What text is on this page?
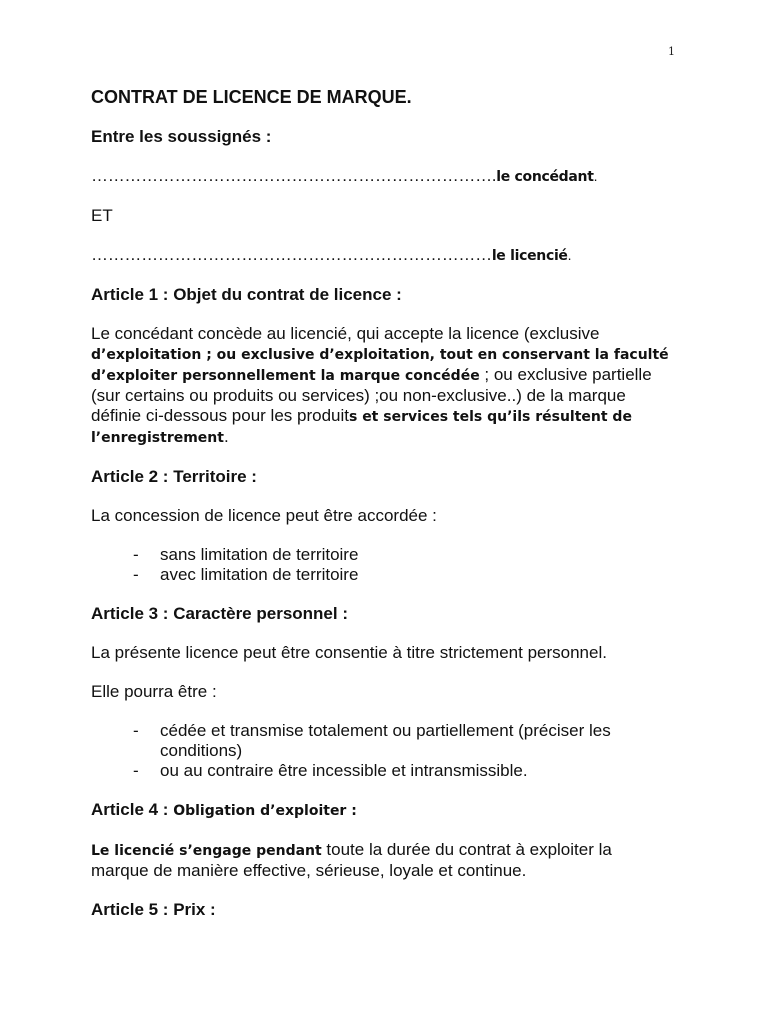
1
CONTRAT DE LICENCE DE MARQUE.
Entre les soussignés :
……………………………………………………………….le concédant.
ET
………………………………………………………………le licencié.
Article 1 : Objet du contrat de licence :
Le concédant concède au licencié, qui accepte la licence (exclusive d’exploitation ; ou exclusive d’exploitation, tout en conservant la faculté d’exploiter personnellement la marque concédée ; ou exclusive partielle (sur certains ou produits ou services) ;ou non-exclusive..) de la marque définie ci-dessous pour les produits et services tels qu’ils résultent de l’enregistrement.
Article 2 : Territoire :
La concession de licence peut être accordée :
- sans limitation de territoire
- avec limitation de territoire
Article 3 : Caractère personnel :
La présente licence peut être consentie à titre strictement personnel.
Elle pourra être :
- cédée et transmise totalement ou partiellement (préciser les conditions)
- ou au contraire être incessible et intransmissible.
Article 4 : Obligation d’exploiter :
Le licencié s’engage pendant toute la durée du contrat à exploiter la marque de manière effective, sérieuse, loyale et continue.
Article 5 : Prix :
